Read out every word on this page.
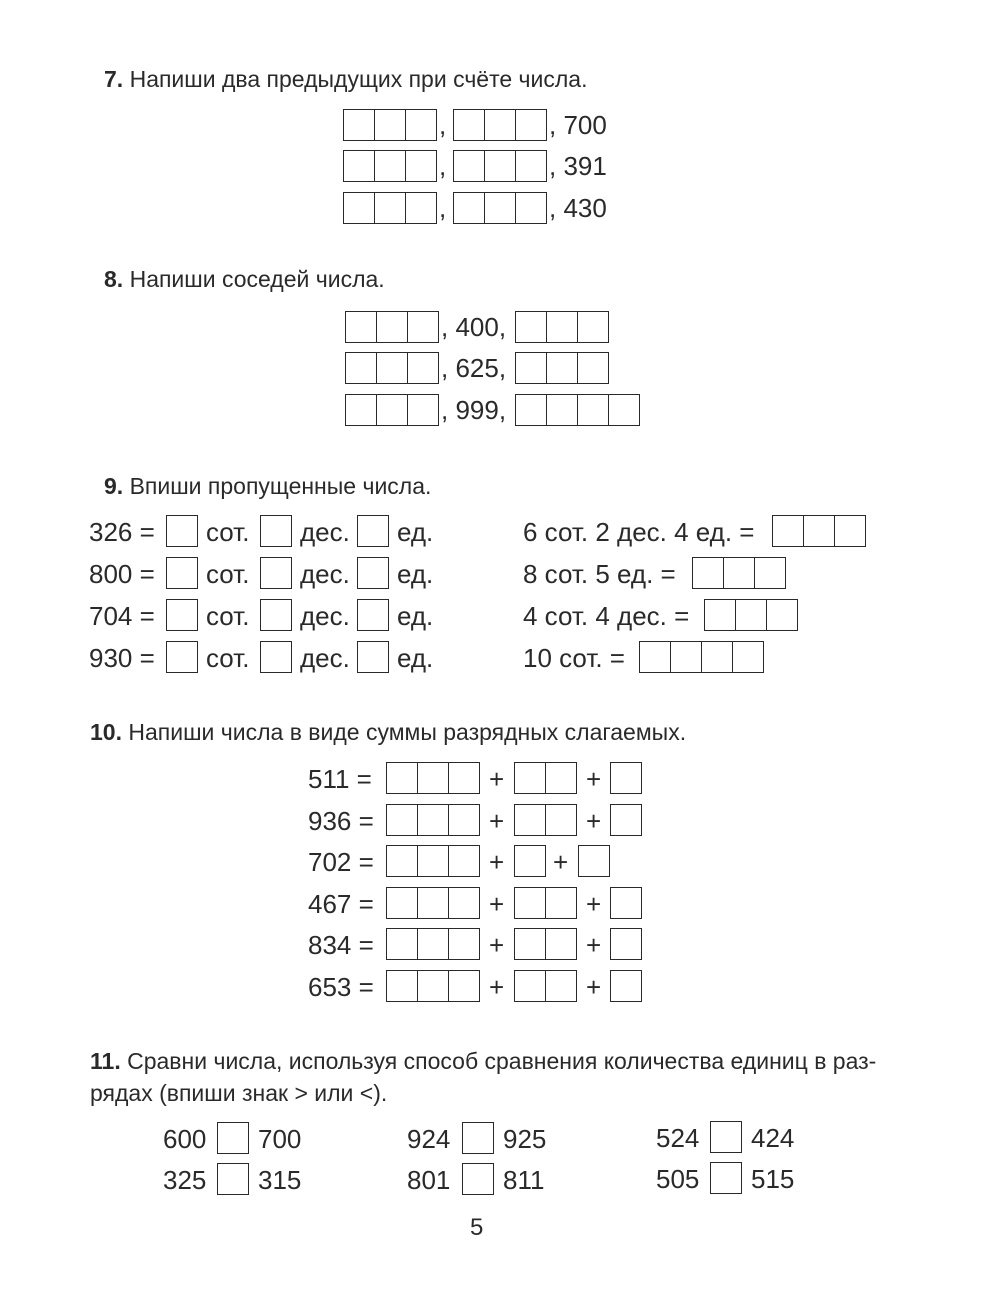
7. Напиши два предыдущих при счёте числа.
,	, 700
,	, 391
,	, 430
8. Напиши соседей числа.
, 400,
, 625,
, 999,
9. Впиши пропущенные числа.
326 = сот. дес. ед.
800 = сот. дес. ед.
704 = сот. дес. ед.
930 = сот. дес. ед.
6 сот. 2 дес. 4 ед. =
8 сот. 5 ед. =
4 сот. 4 дес. =
10 сот. =
10. Напиши числа в виде суммы разрядных слагаемых.
511 =	+	+
936 =	+	+
702 =	+ +
467 =	+	+
834 =	+	+
653 =	+	+
11. Сравни числа, используя способ сравнения количества единиц в раз-
рядах (впиши знак > или <).
600 700	924 925	524 424
325 315	801 811	505 515
5
